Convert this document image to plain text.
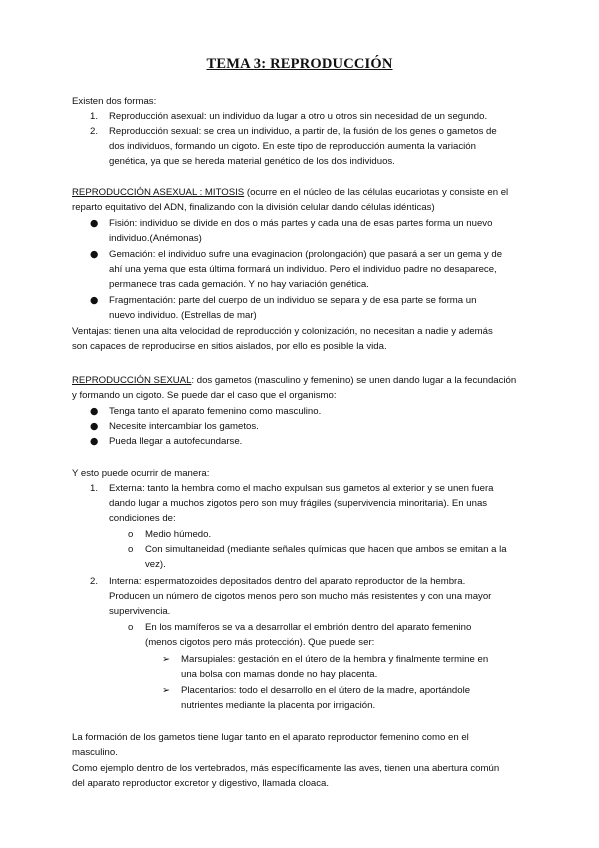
TEMA 3: REPRODUCCIÓN
Existen dos formas:
1. Reproducción asexual: un individuo da lugar a otro u otros sin necesidad de un segundo.
2. Reproducción sexual: se crea un individuo, a partir de, la fusión de los genes o gametos de
dos individuos, formando un cigoto. En este tipo de reproducción aumenta la variación
genética, ya que se hereda material genético de los dos individuos.
REPRODUCCIÓN ASEXUAL : MITOSIS (ocurre en el núcleo de las células eucariotas y consiste en el
reparto equitativo del ADN, finalizando con la división celular dando células idénticas)
● Fisión: individuo se divide en dos o más partes y cada una de esas partes forma un nuevo
individuo.(Anémonas)
● Gemación: el individuo sufre una evaginacion (prolongación) que pasará a ser un gema y de
ahí una yema que esta última formará un individuo. Pero el individuo padre no desaparece,
permanece tras cada gemación. Y no hay variación genética.
● Fragmentación: parte del cuerpo de un individuo se separa y de esa parte se forma un
nuevo individuo. (Estrellas de mar)
Ventajas: tienen una alta velocidad de reproducción y colonización, no necesitan a nadie y además
son capaces de reproducirse en sitios aislados, por ello es posible la vida.
REPRODUCCIÓN SEXUAL: dos gametos (masculino y femenino) se unen dando lugar a la fecundación
y formando un cigoto. Se puede dar el caso que el organismo:
● Tenga tanto el aparato femenino como masculino.
● Necesite intercambiar los gametos.
● Pueda llegar a autofecundarse.
Y esto puede ocurrir de manera:
1. Externa: tanto la hembra como el macho expulsan sus gametos al exterior y se unen fuera
dando lugar a muchos zigotos pero son muy frágiles (supervivencia minoritaria). En unas
condiciones de:
o Medio húmedo.
o Con simultaneidad (mediante señales químicas que hacen que ambos se emitan a la
vez).
2. Interna: espermatozoides depositados dentro del aparato reproductor de la hembra.
Producen un número de cigotos menos pero son mucho más resistentes y con una mayor
supervivencia.
o En los mamíferos se va a desarrollar el embrión dentro del aparato femenino
(menos cigotos pero más protección). Que puede ser:
➢ Marsupiales: gestación en el útero de la hembra y finalmente termine en
una bolsa con mamas donde no hay placenta.
➢ Placentarios: todo el desarrollo en el útero de la madre, aportándole
nutrientes mediante la placenta por irrigación.
La formación de los gametos tiene lugar tanto en el aparato reproductor femenino como en el
masculino.
Como ejemplo dentro de los vertebrados, más específicamente las aves, tienen una abertura común
del aparato reproductor excretor y digestivo, llamada cloaca.
